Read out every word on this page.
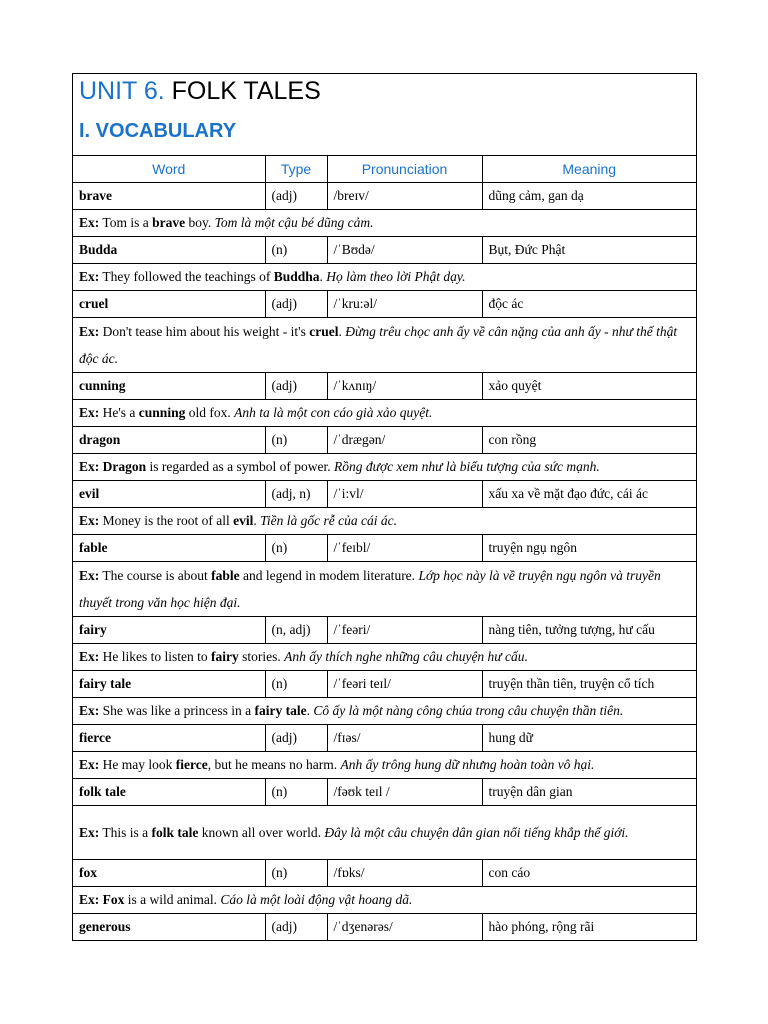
UNIT 6. FOLK TALES
I. VOCABULARY
Word	Type	Pronunciation	Meaning
brave	(adj)	/breɪv/	dũng cảm, gan dạ
Ex: Tom is a brave boy. Tom là một cậu bé dũng cảm.			
Budda	(n)	/ˈBʊdə/	Bụt, Đức Phật
Ex: They followed the teachings of Buddha. Họ làm theo lời Phật dạy.			
cruel	(adj)	/ˈkru:əl/	độc ác
Ex: Don't tease him about his weight - it's cruel. Đừng trêu chọc anh ấy về cân nặng của anh ấy - như thế thật độc ác.			
cunning	(adj)	/ˈkʌnɪŋ/	xảo quyệt
Ex: He's a cunning old fox. Anh ta là một con cáo già xảo quyệt.			
dragon	(n)	/ˈdrægən/	con rồng
Ex: Dragon is regarded as a symbol of power. Rồng được xem như là biểu tượng của sức mạnh.			
evil	(adj, n)	/ˈi:vl/	xấu xa về mặt đạo đức, cái ác
Ex: Money is the root of all evil. Tiền là gốc rễ của cái ác.			
fable	(n)	/ˈfeɪbl/	truyện ngụ ngôn
Ex: The course is about fable and legend in modem literature. Lớp học này là về truyện ngụ ngôn và truyền thuyết trong văn học hiện đại.			
fairy	(n, adj)	/ˈfeəri/	nàng tiên, tưởng tượng, hư cấu
Ex: He likes to listen to fairy stories. Anh ấy thích nghe những câu chuyện hư cấu.			
fairy tale	(n)	/ˈfeəri teɪl/	truyện thần tiên, truyện cổ tích
Ex: She was like a princess in a fairy tale. Cô ấy là một nàng công chúa trong câu chuyện thần tiên.			
fierce	(adj)	/fɪəs/	hung dữ
Ex: He may look fierce, but he means no harm. Anh ấy trông hung dữ nhưng hoàn toàn vô hại.			
folk tale	(n)	/fəʊk teɪl /	truyện dân gian
Ex: This is a folk tale known all over world. Đây là một câu chuyện dân gian nổi tiếng khắp thế giới.			
fox	(n)	/fɒks/	con cáo
Ex: Fox is a wild animal. Cáo là một loài động vật hoang dã.			
generous	(adj)	/ˈdʒenərəs/	hào phóng, rộng rãi
